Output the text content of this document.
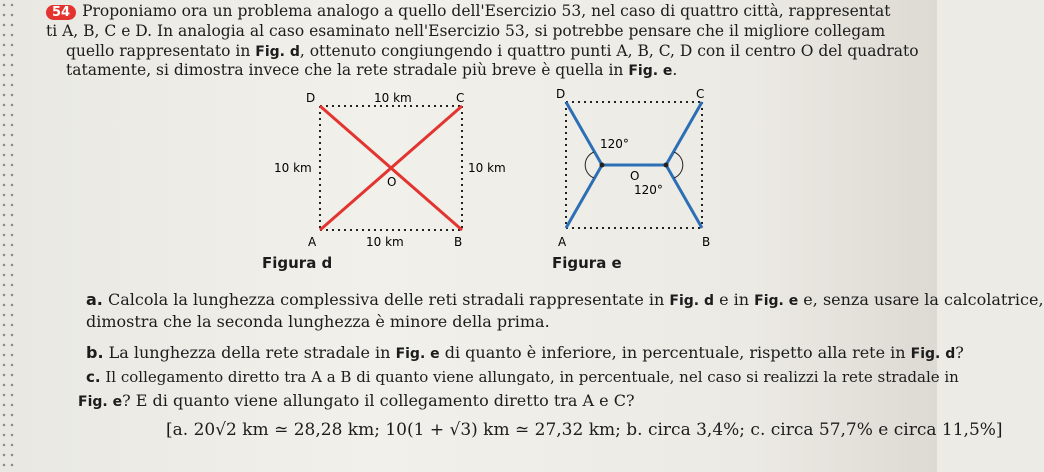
54 Proponiamo ora un problema analogo a quello dell'Esercizio 53, nel caso di quattro città, rappresentat
ti A, B, C e D. In analogia al caso esaminato nell'Esercizio 53, si potrebbe pensare che il migliore collegam
quello rappresentato in Fig. d, ottenuto congiungendo i quattro punti A, B, C, D con il centro O del quadrato
tatamente, si dimostra invece che la rete stradale più breve è quella in Fig. e.
D	C
A	B
O
10 km
10 km	10 km
10 km
Figura d
D	C
A	B
O
120°
120°
Figura e
a. Calcola la lunghezza complessiva delle reti stradali rappresentate in Fig. d e in Fig. e e, senza usare la calcolatrice,
dimostra che la seconda lunghezza è minore della prima.
b. La lunghezza della rete stradale in Fig. e di quanto è inferiore, in percentuale, rispetto alla rete in Fig. d?
c. Il collegamento diretto tra A a B di quanto viene allungato, in percentuale, nel caso si realizzi la rete stradale in
Fig. e? E di quanto viene allungato il collegamento diretto tra A e C?
[a. 20√2 km ≃ 28,28 km; 10(1 + √3) km ≃ 27,32 km; b. circa 3,4%; c. circa 57,7% e circa 11,5%]
